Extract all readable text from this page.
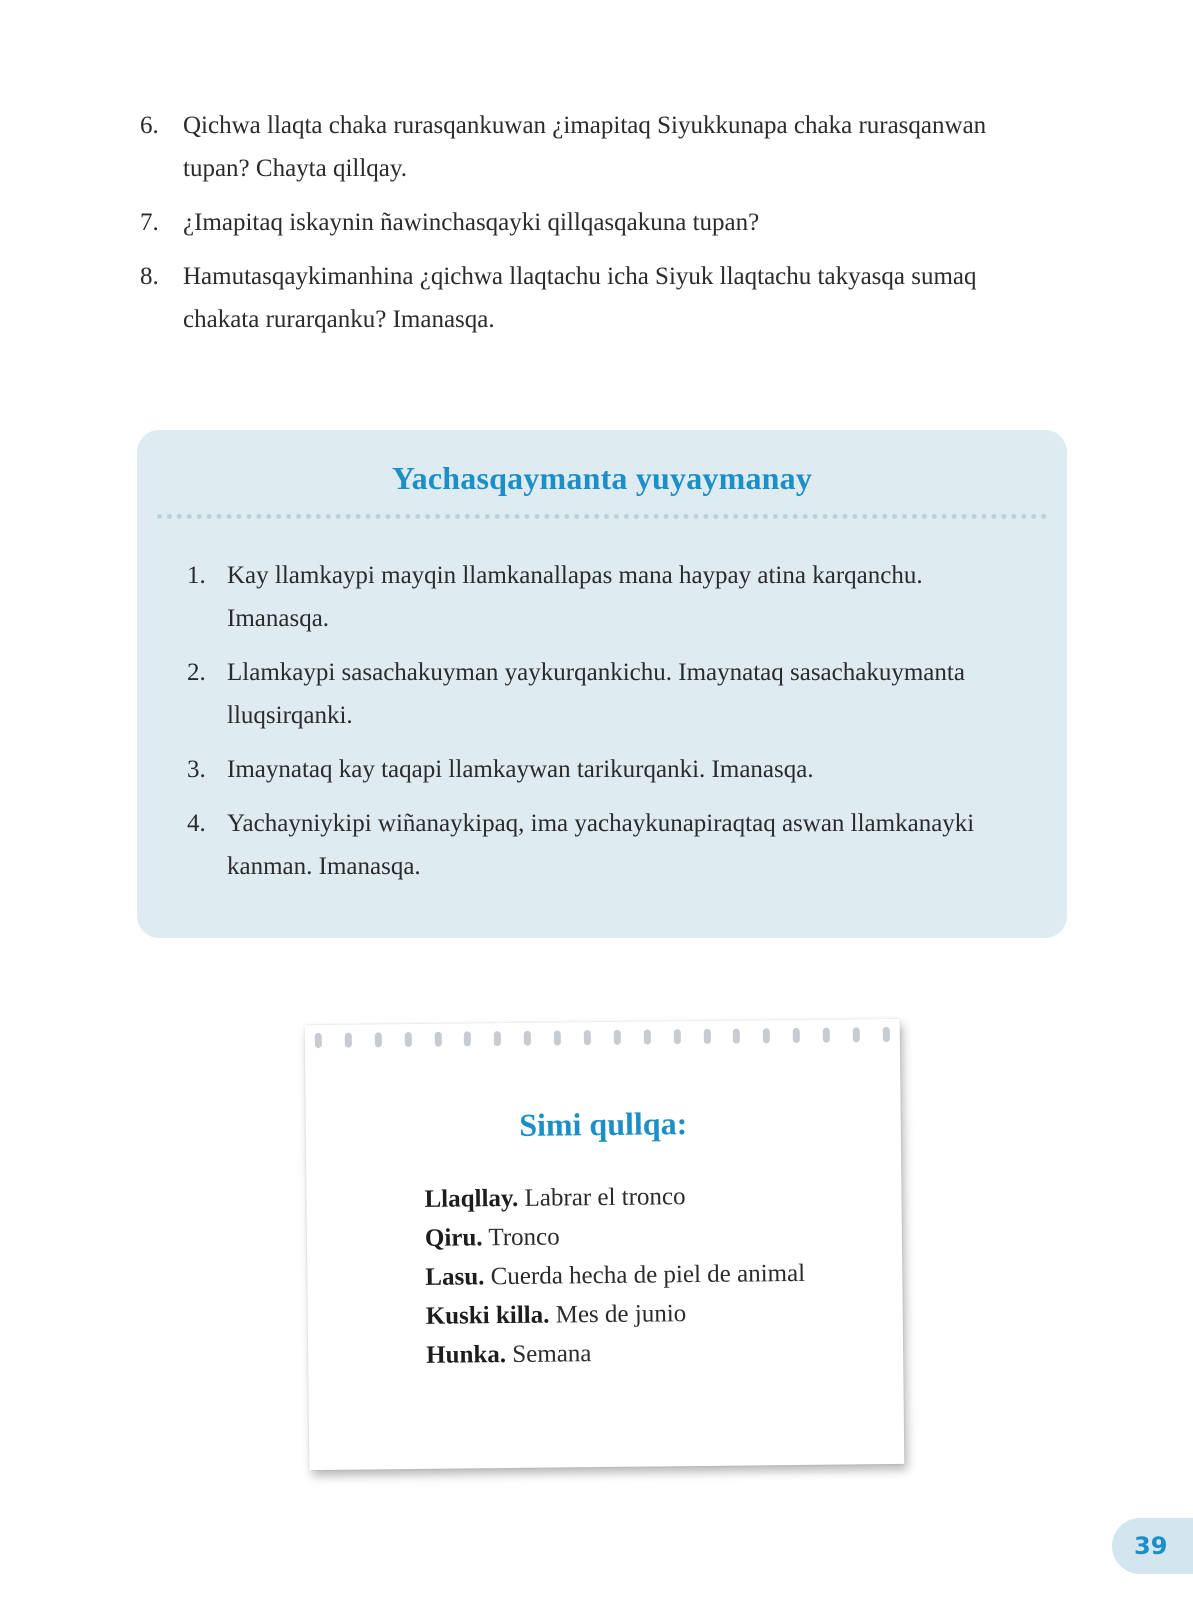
6. Qichwa llaqta chaka rurasqankuwan ¿imapitaq Siyukkunapa chaka rurasqanwan tupan? Chayta qillqay.
7. ¿Imapitaq iskaynin ñawinchasqayki qillqasqakuna tupan?
8. Hamutasqaykimanhina ¿qichwa llaqtachu icha Siyuk llaqtachu takyasqa sumaq chakata rurarqanku? Imanasqa.
Yachasqaymanta yuyaymanay
1. Kay llamkaypi mayqin llamkanallapas mana haypay atina karqanchu. Imanasqa.
2. Llamkaypi sasachakuyman yaykurqankichu. Imaynataq sasachakuymanta lluqsirqanki.
3. Imaynataq kay taqapi llamkaywan tarikurqanki. Imanasqa.
4. Yachayniykipi wiñanaykipaq, ima yachaykunapiraqtaq aswan llamkanayki kanman. Imanasqa.
Simi qullqa:
Llaqllay. Labrar el tronco
Qiru. Tronco
Lasu. Cuerda hecha de piel de animal
Kuski killa. Mes de junio
Hunka. Semana
39
